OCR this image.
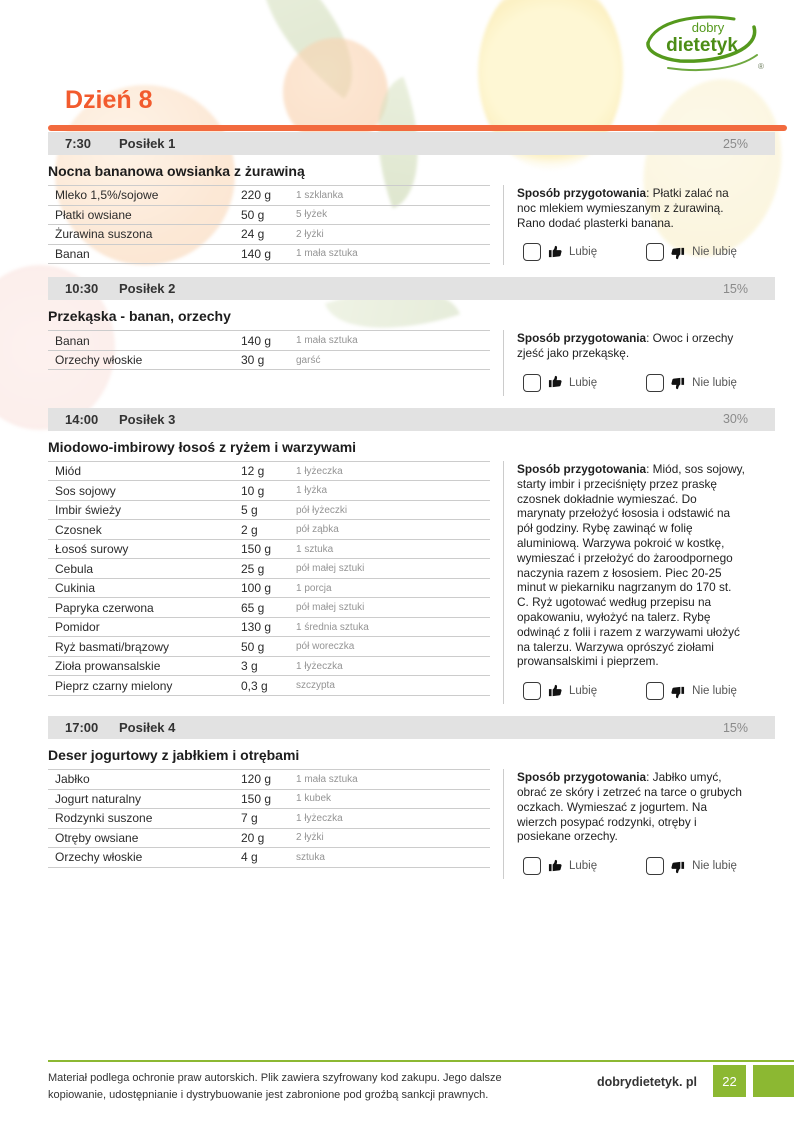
dobry
dietetyk
®
Dzień 8
7:30	Posiłek 1	25%
Nocna bananowa owsianka z żurawiną
Mleko 1,5%/sojowe	220 g	1 szklanka
Płatki owsiane	50 g	5 łyżek
Żurawina suszona	24 g	2 łyżki
Banan	140 g	1 mała sztuka

Sposób przygotowania: Płatki zalać na noc mlekiem wymieszanym z żurawiną. Rano dodać plasterki banana.

Lubię	Nie lubię
10:30	Posiłek 2	15%
Przekąska - banan, orzechy
Banan	140 g	1 mała sztuka
Orzechy włoskie	30 g	garść

Sposób przygotowania: Owoc i orzechy zjeść jako przekąskę.

Lubię	Nie lubię
14:00	Posiłek 3	30%
Miodowo-imbirowy łosoś z ryżem i warzywami
Miód	12 g	1 łyżeczka
Sos sojowy	10 g	1 łyżka
Imbir świeży	5 g	pół łyżeczki
Czosnek	2 g	pół ząbka
Łosoś surowy	150 g	1 sztuka
Cebula	25 g	pół małej sztuki
Cukinia	100 g	1 porcja
Papryka czerwona	65 g	pół małej sztuki
Pomidor	130 g	1 średnia sztuka
Ryż basmati/brązowy	50 g	pół woreczka
Zioła prowansalskie	3 g	1 łyżeczka
Pieprz czarny mielony	0,3 g	szczypta

Sposób przygotowania: Miód, sos sojowy, starty imbir i przeciśnięty przez praskę czosnek dokładnie wymieszać. Do marynaty przełożyć łososia i odstawić na pół godziny. Rybę zawinąć w folię aluminiową. Warzywa pokroić w kostkę, wymieszać i przełożyć do żaroodpornego naczynia razem z łososiem. Piec 20-25 minut w piekarniku nagrzanym do 170 st. C. Ryż ugotować według przepisu na opakowaniu, wyłożyć na talerz. Rybę odwinąć z folii i razem z warzywami ułożyć na talerzu. Warzywa oprószyć ziołami prowansalskimi i pieprzem.

Lubię	Nie lubię
17:00	Posiłek 4	15%
Deser jogurtowy z jabłkiem i otrębami
Jabłko	120 g	1 mała sztuka
Jogurt naturalny	150 g	1 kubek
Rodzynki suszone	7 g	1 łyżeczka
Otręby owsiane	20 g	2 łyżki
Orzechy włoskie	4 g	sztuka

Sposób przygotowania: Jabłko umyć, obrać ze skóry i zetrzeć na tarce o grubych oczkach. Wymieszać z jogurtem. Na wierzch posypać rodzynki, otręby i posiekane orzechy.

Lubię	Nie lubię

Materiał podlega ochronie praw autorskich. Plik zawiera szyfrowany kod zakupu. Jego dalsze kopiowanie, udostępnianie i dystrybuowanie jest zabronione pod groźbą sankcji prawnych.

dobrydietetyk. pl	22
